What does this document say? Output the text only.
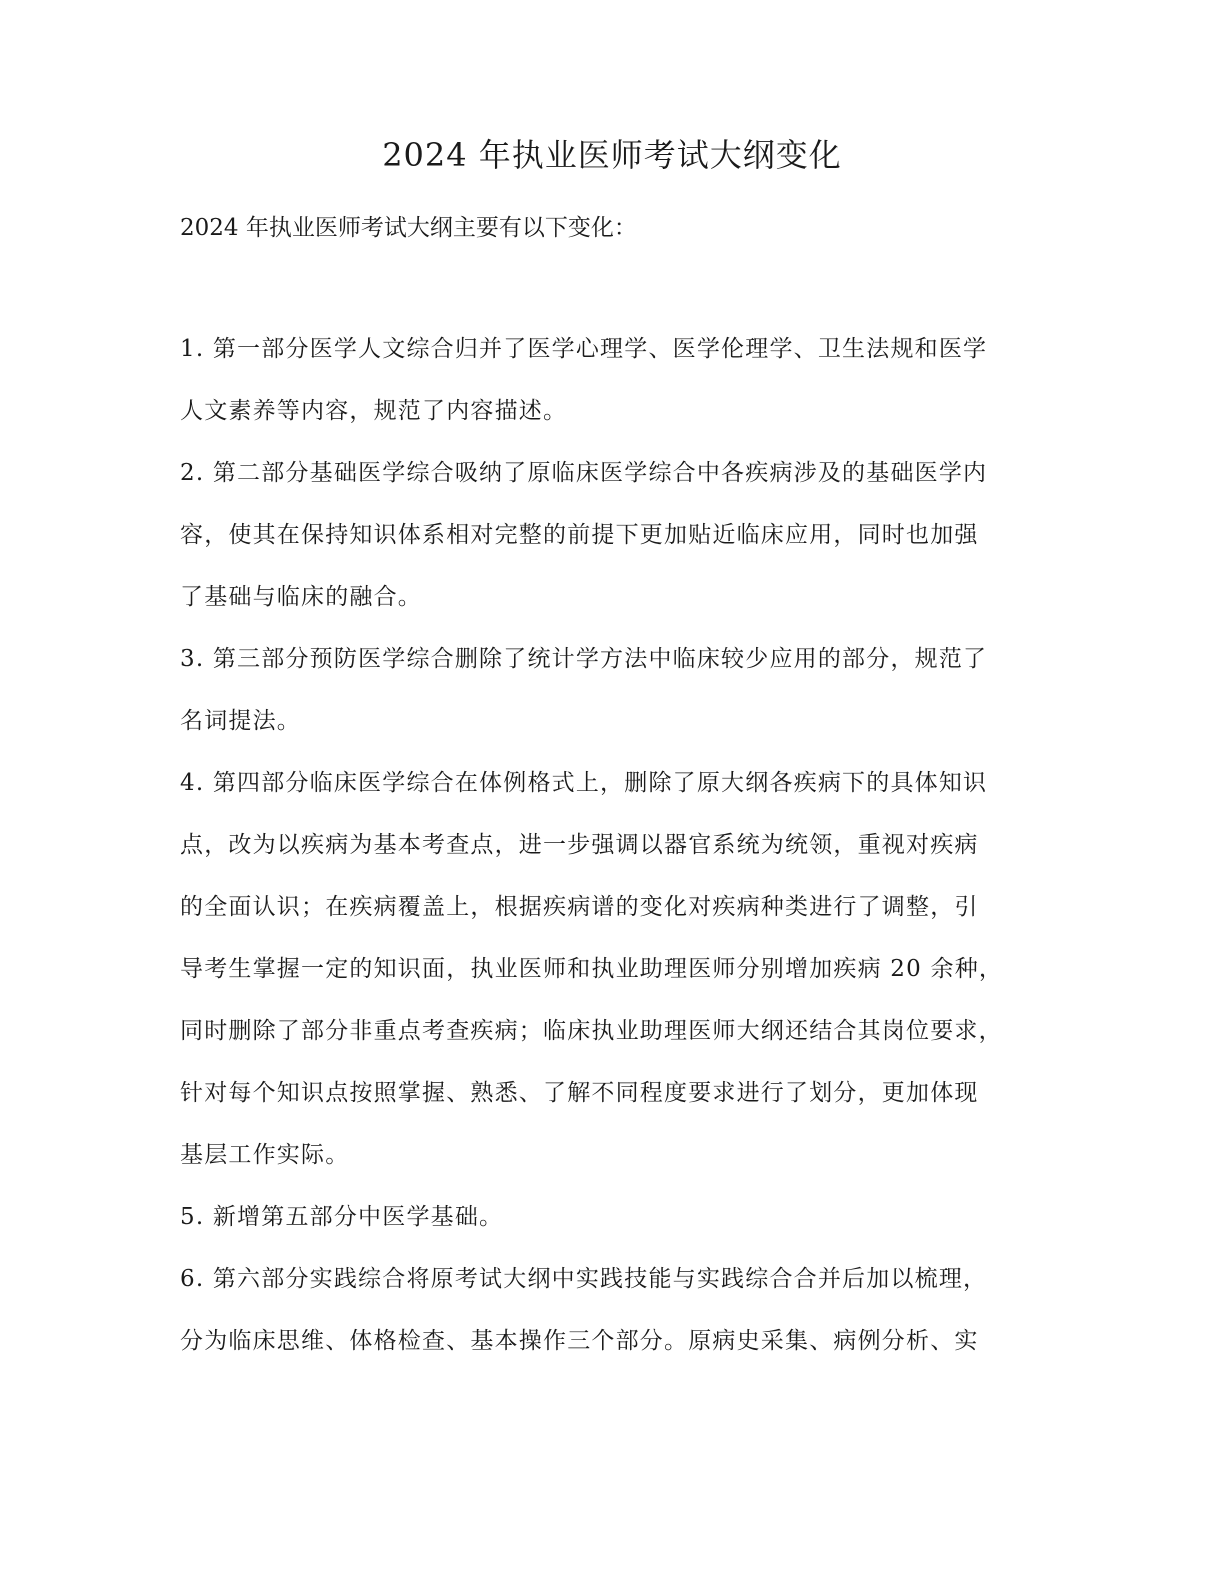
2024 年执业医师考试大纲变化
2024 年执业医师考试大纲主要有以下变化：
1. 第一部分医学人文综合归并了医学心理学、医学伦理学、卫生法规和医学
人文素养等内容，规范了内容描述。
2. 第二部分基础医学综合吸纳了原临床医学综合中各疾病涉及的基础医学内
容，使其在保持知识体系相对完整的前提下更加贴近临床应用，同时也加强
了基础与临床的融合。
3. 第三部分预防医学综合删除了统计学方法中临床较少应用的部分，规范了
名词提法。
4. 第四部分临床医学综合在体例格式上，删除了原大纲各疾病下的具体知识
点，改为以疾病为基本考查点，进一步强调以器官系统为统领，重视对疾病
的全面认识；在疾病覆盖上，根据疾病谱的变化对疾病种类进行了调整，引
导考生掌握一定的知识面，执业医师和执业助理医师分别增加疾病 20 余种，
同时删除了部分非重点考查疾病；临床执业助理医师大纲还结合其岗位要求，
针对每个知识点按照掌握、熟悉、了解不同程度要求进行了划分，更加体现
基层工作实际。
5. 新增第五部分中医学基础。
6. 第六部分实践综合将原考试大纲中实践技能与实践综合合并后加以梳理，
分为临床思维、体格检查、基本操作三个部分。原病史采集、病例分析、实
